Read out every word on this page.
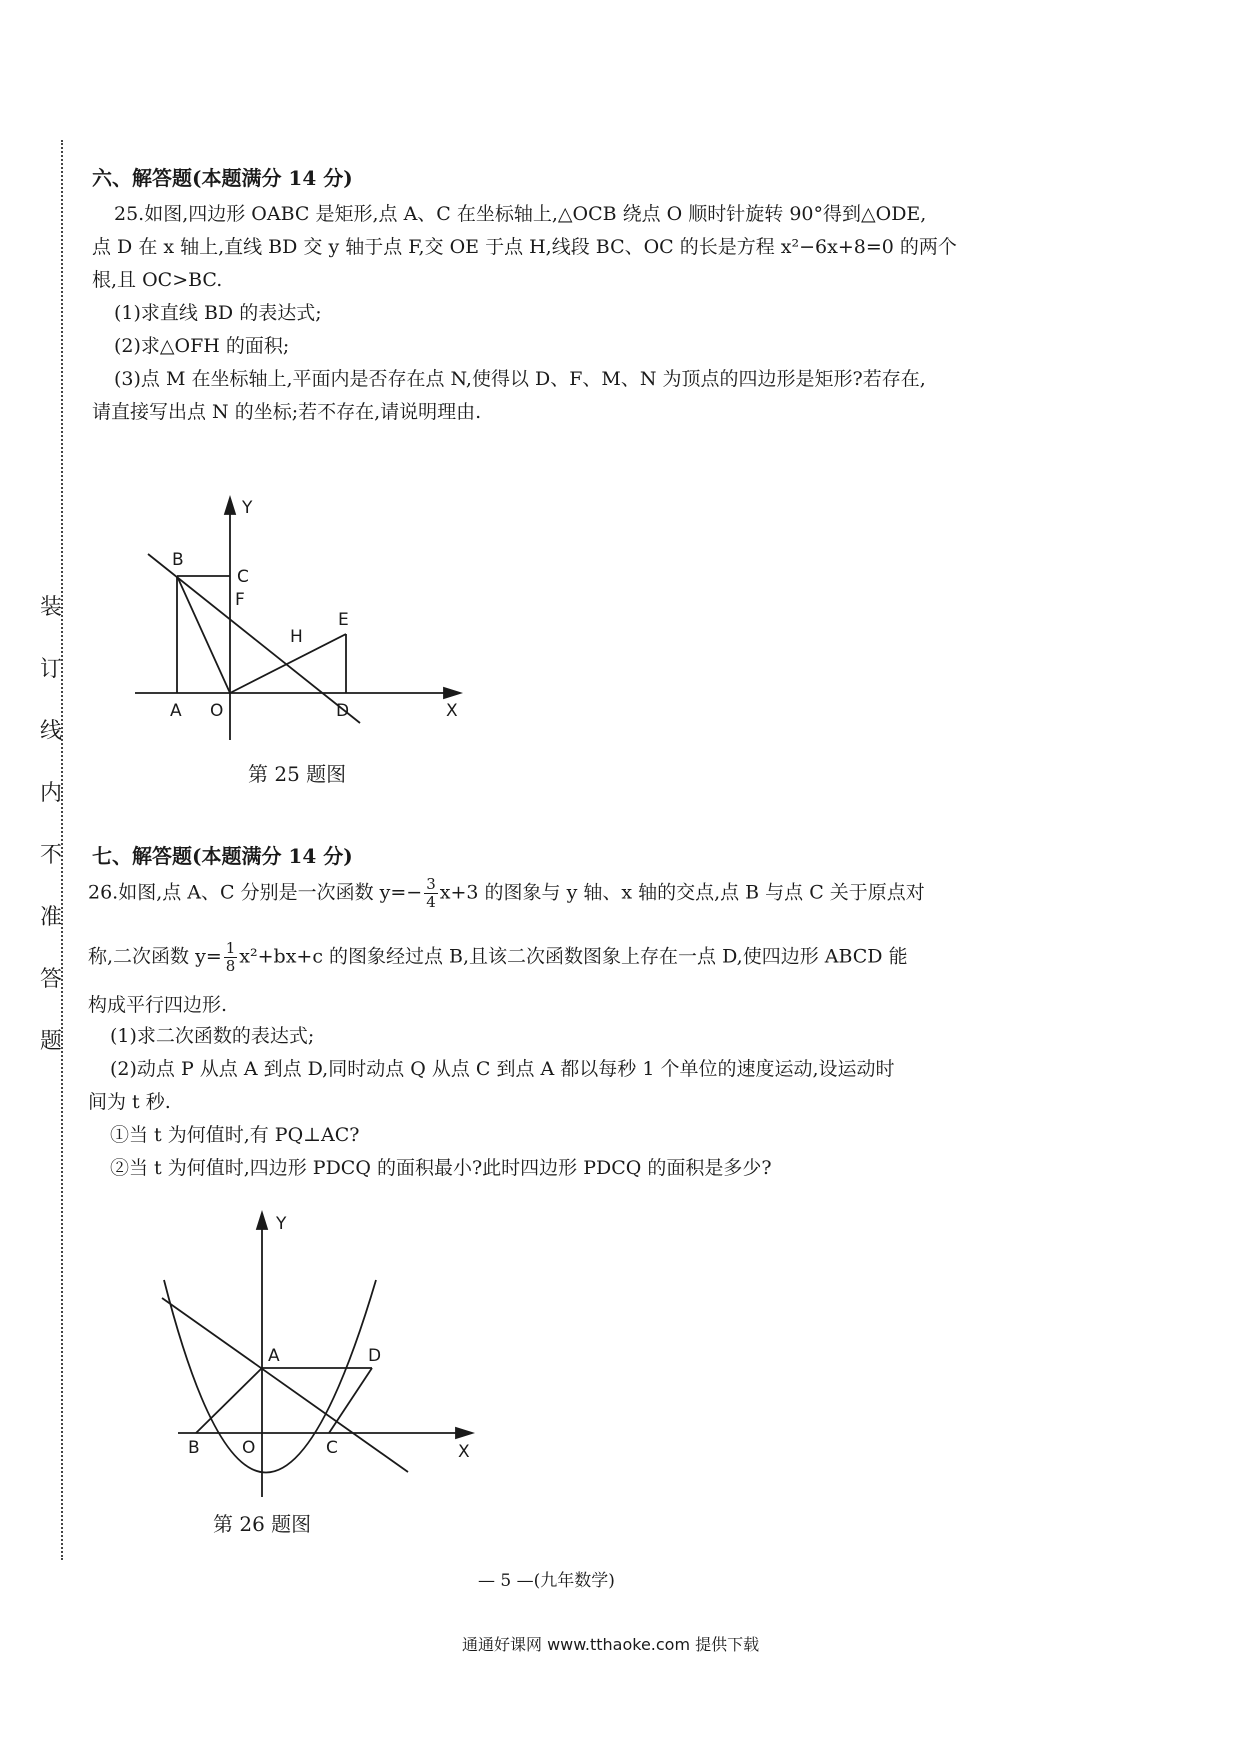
装
订
线
内
不
准
答
题
六、解答题(本题满分 14 分)
25.如图,四边形 OABC 是矩形,点 A、C 在坐标轴上,△OCB 绕点 O 顺时针旋转 90°得到△ODE,
点 D 在 x 轴上,直线 BD 交 y 轴于点 F,交 OE 于点 H,线段 BC、OC 的长是方程 x²−6x+8=0 的两个
根,且 OC>BC.
(1)求直线 BD 的表达式;
(2)求△OFH 的面积;
(3)点 M 在坐标轴上,平面内是否存在点 N,使得以 D、F、M、N 为顶点的四边形是矩形?若存在,
请直接写出点 N 的坐标;若不存在,请说明理由.
Y
B
C
F
E
H
A O	D	X
第 25 题图
七、解答题(本题满分 14 分)
26.如图,点 A、C 分别是一次函数 $y=- \frac{3}{4} x+3$ 的图象与 y 轴、x 轴的交点,点 B 与点 C 关于原点对
称,二次函数 $y= \frac{1}{8} x^2+bx+c$ 的图象经过点 B,且该二次函数图象上存在一点 D,使四边形 ABCD 能
构成平行四边形.
(1)求二次函数的表达式;
(2)动点 P 从点 A 到点 D,同时动点 Q 从点 C 到点 A 都以每秒 1 个单位的速度运动,设运动时
间为 t 秒.
①当 t 为何值时,有 PQ⊥AC?
②当 t 为何值时,四边形 PDCQ 的面积最小?此时四边形 PDCQ 的面积是多少?
Y
A	D
B O	C	X
第 26 题图
— 5 —(九年数学)
通通好课网 www.tthaoke.com 提供下载
